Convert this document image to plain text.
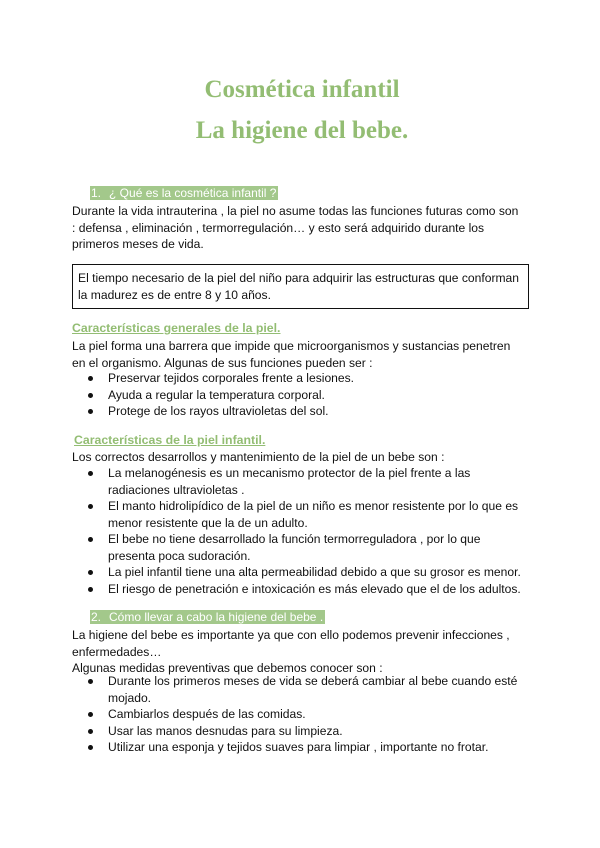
Cosmética infantil
La higiene del bebe.
1. ¿ Qué es la cosmética infantil ?
Durante la vida intrauterina , la piel no asume todas las funciones futuras como son
: defensa , eliminación , termorregulación… y esto será adquirido durante los
primeros meses de vida.
El tiempo necesario de la piel del niño para adquirir las estructuras que conforman
la madurez es de entre 8 y 10 años.
Características generales de la piel.
La piel forma una barrera que impide que microorganismos y sustancias penetren
en el organismo. Algunas de sus funciones pueden ser :
Preservar tejidos corporales frente a lesiones.
Ayuda a regular la temperatura corporal.
Protege de los rayos ultravioletas del sol.
Características de la piel infantil.
Los correctos desarrollos y mantenimiento de la piel de un bebe son :
La melanogénesis es un mecanismo protector de la piel frente a las
radiaciones ultravioletas .
El manto hidrolipídico de la piel de un niño es menor resistente por lo que es
menor resistente que la de un adulto.
El bebe no tiene desarrollado la función termorreguladora , por lo que
presenta poca sudoración.
La piel infantil tiene una alta permeabilidad debido a que su grosor es menor.
El riesgo de penetración e intoxicación es más elevado que el de los adultos.
2. Cómo llevar a cabo la higiene del bebe .
La higiene del bebe es importante ya que con ello podemos prevenir infecciones ,
enfermedades…
Algunas medidas preventivas que debemos conocer son :
Durante los primeros meses de vida se deberá cambiar al bebe cuando esté
mojado.
Cambiarlos después de las comidas.
Usar las manos desnudas para su limpieza.
Utilizar una esponja y tejidos suaves para limpiar , importante no frotar.
